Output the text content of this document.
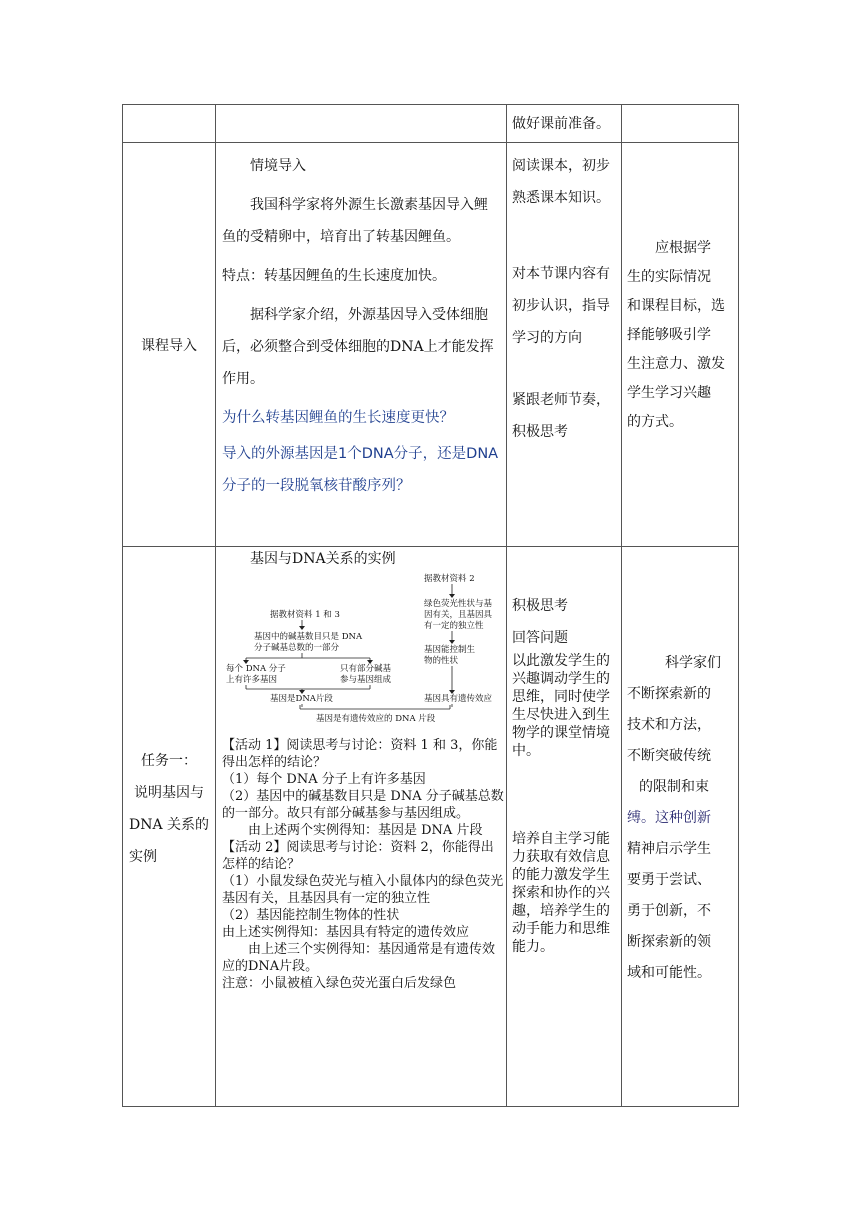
做好课前准备。

课程导入

情境导入

我国科学家将外源生长激素基因导入鲤鱼的受精卵中，培育出了转基因鲤鱼。

特点：转基因鲤鱼的生长速度加快。

据科学家介绍，外源基因导入受体细胞后，必须整合到受体细胞的DNA上才能发挥作用。

为什么转基因鲤鱼的生长速度更快？

导入的外源基因是1个DNA分子，还是DNA分子的一段脱氧核苷酸序列？

阅读课本，初步熟悉课本知识。

对本节课内容有初步认识，指导学习的方向

紧跟老师节奏，积极思考

应根据学
生的实际情况
和课程目标，选
择能够吸引学
生注意力、激发
学生学习兴趣
的方式。
任务一：
说明基因与
DNA 关系的
实例

基因与DNA关系的实例

据教材资料 1 和 3
据教材资料 2
基因中的碱基数目只是 DNA
分子碱基总数的一部分
绿色荧光性状与基
因有关，且基因具
有一定的独立性
每个 DNA 分子
上有许多基因
只有部分碱基
参与基因组成
基因能控制生
物的性状
基因是DNA片段	基因具有遗传效应
基因是有遗传效应的 DNA 片段

【活动 1】阅读思考与讨论：资料 1 和 3，你能得出怎样的结论？

（1）每个 DNA 分子上有许多基因

（2）基因中的碱基数目只是 DNA 分子碱基总数的一部分。故只有部分碱基参与基因组成。

由上述两个实例得知：基因是 DNA 片段

【活动 2】阅读思考与讨论：资料 2，你能得出怎样的结论？

（1）小鼠发绿色荧光与植入小鼠体内的绿色荧光基因有关，且基因具有一定的独立性

（2）基因能控制生物体的性状

由上述实例得知：基因具有特定的遗传效应

由上述三个实例得知：基因通常是有遗传效应的DNA片段。

注意：小鼠被植入绿色荧光蛋白后发绿色

积极思考

回答问题

以此激发学生的兴趣调动学生的思维，同时使学生尽快进入到生物学的课堂情境中。

培养自主学习能力获取有效信息的能力激发学生探索和协作的兴趣，培养学生的动手能力和思维能力。

科学家们
不断探索新的
技术和方法，
不断突破传统
的限制和束
缚。这种创新
精神启示学生
要勇于尝试、
勇于创新，不
断探索新的领
域和可能性。
